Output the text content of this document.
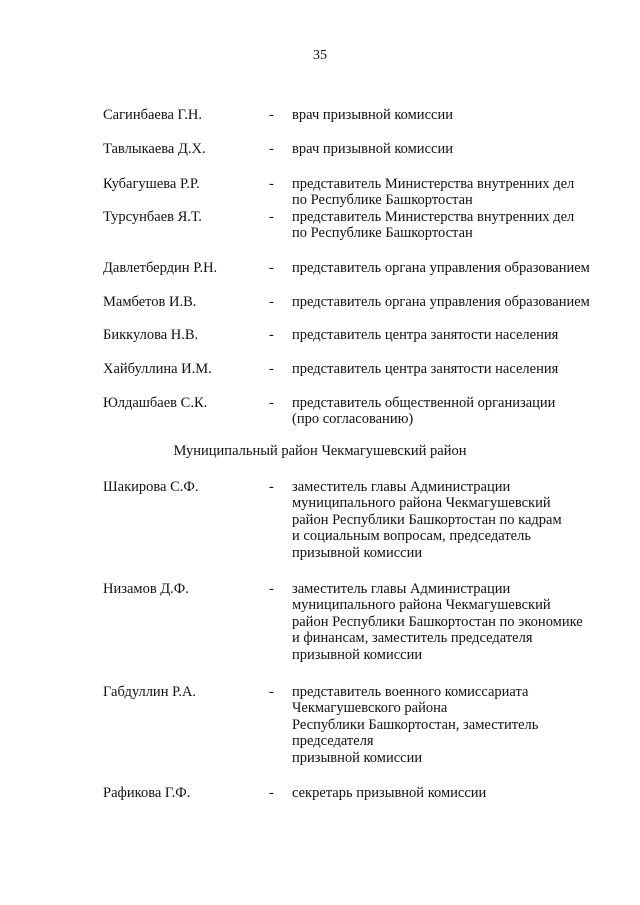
35
Сагинбаева Г.Н.	- врач призывной комиссии
Тавлыкаева Д.Х.	- врач призывной комиссии
Кубагушева Р.Р.	- представитель Министерства внутренних дел
по Республике Башкортостан
Турсунбаев Я.Т.	- представитель Министерства внутренних дел
по Республике Башкортостан
Давлетбердин Р.Н.	- представитель органа управления образованием
Мамбетов И.В.	- представитель органа управления образованием
Биккулова Н.В.	- представитель центра занятости населения
Хайбуллина И.М.	- представитель центра занятости населения
Юлдашбаев С.К.	- представитель общественной организации
(про согласованию)
Муниципальный район Чекмагушевский район
Шакирова С.Ф.	- заместитель главы Администрации
муниципального района Чекмагушевский
район Республики Башкортостан по кадрам
и социальным вопросам, председатель
призывной комиссии
Низамов Д.Ф.	- заместитель главы Администрации
муниципального района Чекмагушевский
район Республики Башкортостан по экономике
и финансам, заместитель председателя
призывной комиссии
Габдуллин Р.А.	- представитель военного комиссариата
Чекмагушевского района
Республики Башкортостан, заместитель
председателя
призывной комиссии
Рафикова Г.Ф.	- секретарь призывной комиссии
